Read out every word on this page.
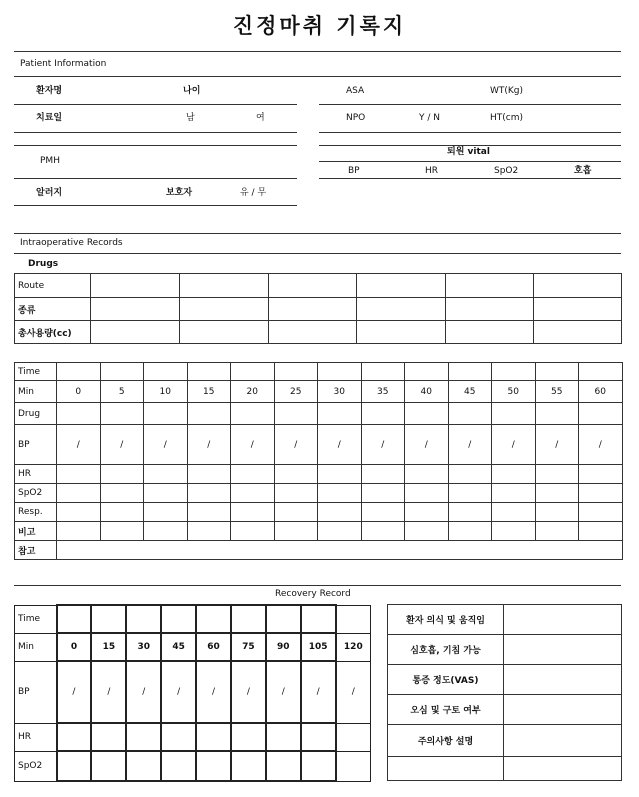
진정마취 기록지
Patient Information
환자명	나이	ASA	WT(Kg)
치료일	남	여	NPO	Y / N	HT(cm)
PMH
퇴원 vital
BP	HR	SpO2	호흡
알러지	보호자	유 / 무
Intraoperative Records
Drugs
Route						
종류						
총사용량(cc)						
Time													
Min	0	5	10	15	20	25	30	35	40	45	50	55	60
Drug													
BP	/	/	/	/	/	/	/	/	/	/	/	/	/
HR													
SpO2													
Resp.													
비고													
참고													
Recovery Record
Time									
Min	0	15	30	45	60	75	90	105	120
BP	/	/	/	/	/	/	/	/	/
HR									
SpO2									
환자 의식 및 움직임	
심호흡, 기침 가능	
통증 정도(VAS)	
오심 및 구토 여부	
주의사항 설명	
